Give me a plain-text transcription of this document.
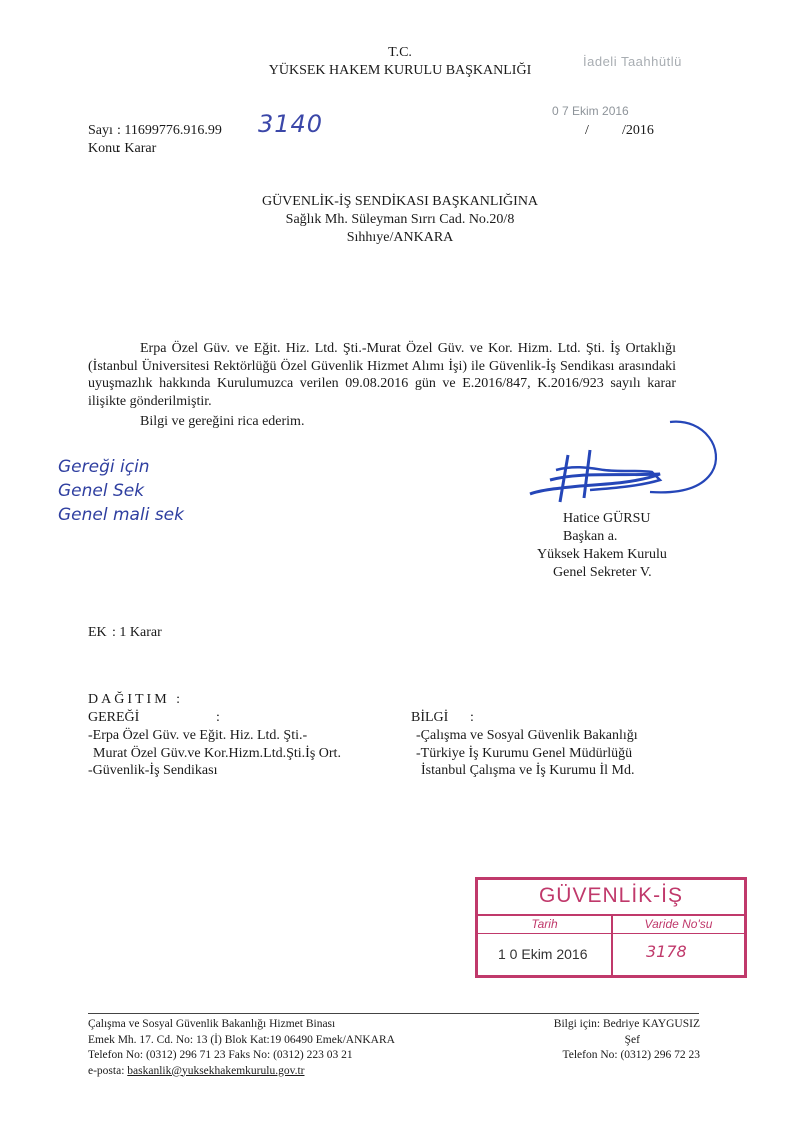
T.C.
YÜKSEK HAKEM KURULU BAŞKANLIĞI
İadeli Taahhütlü
Sayı : 11699776.916.99 3140
Konu
: Karar
0 7 Ekim 2016
/ /2016
GÜVENLİK-İŞ SENDİKASI BAŞKANLIĞINA
Sağlık Mh. Süleyman Sırrı Cad. No.20/8
Sıhhıye/ANKARA
Erpa Özel Güv. ve Eğit. Hiz. Ltd. Şti.-Murat Özel Güv. ve Kor. Hizm. Ltd. Şti. İş Ortaklığı (İstanbul Üniversitesi Rektörlüğü Özel Güvenlik Hizmet Alımı İşi) ile Güvenlik-İş Sendikası arasındaki uyuşmazlık hakkında Kurulumuzca verilen 09.08.2016 gün ve E.2016/847, K.2016/923 sayılı karar ilişikte gönderilmiştir.
Bilgi ve gereğini rica ederim.
Gereği için
Genel Sek
Genel mali sek	Hatice GÜRSU
Başkan a.
Yüksek Hakem Kurulu
Genel Sekreter V.
EK : 1 Karar
DAĞITIM :
GEREĞİ	:
-Erpa Özel Güv. ve Eğit. Hiz. Ltd. Şti.-
Murat Özel Güv.ve Kor.Hizm.Ltd.Şti.İş Ort.
-Güvenlik-İş Sendikası
BİLGİ :
-Çalışma ve Sosyal Güvenlik Bakanlığı
-Türkiye İş Kurumu Genel Müdürlüğü
İstanbul Çalışma ve İş Kurumu İl Md.
GÜVENLİK-İŞ
Tarih	Varide No'su
1 0 Ekim 2016	3178
Çalışma ve Sosyal Güvenlik Bakanlığı Hizmet Binası
Emek Mh. 17. Cd. No: 13 (İ) Blok Kat:19 06490 Emek/ANKARA
Telefon No: (0312) 296 71 23 Faks No: (0312) 223 03 21
e-posta: baskanlik@yuksekhakemkurulu.gov.tr
Bilgi için: Bedriye KAYGUSIZ
Şef
Telefon No: (0312) 296 72 23
